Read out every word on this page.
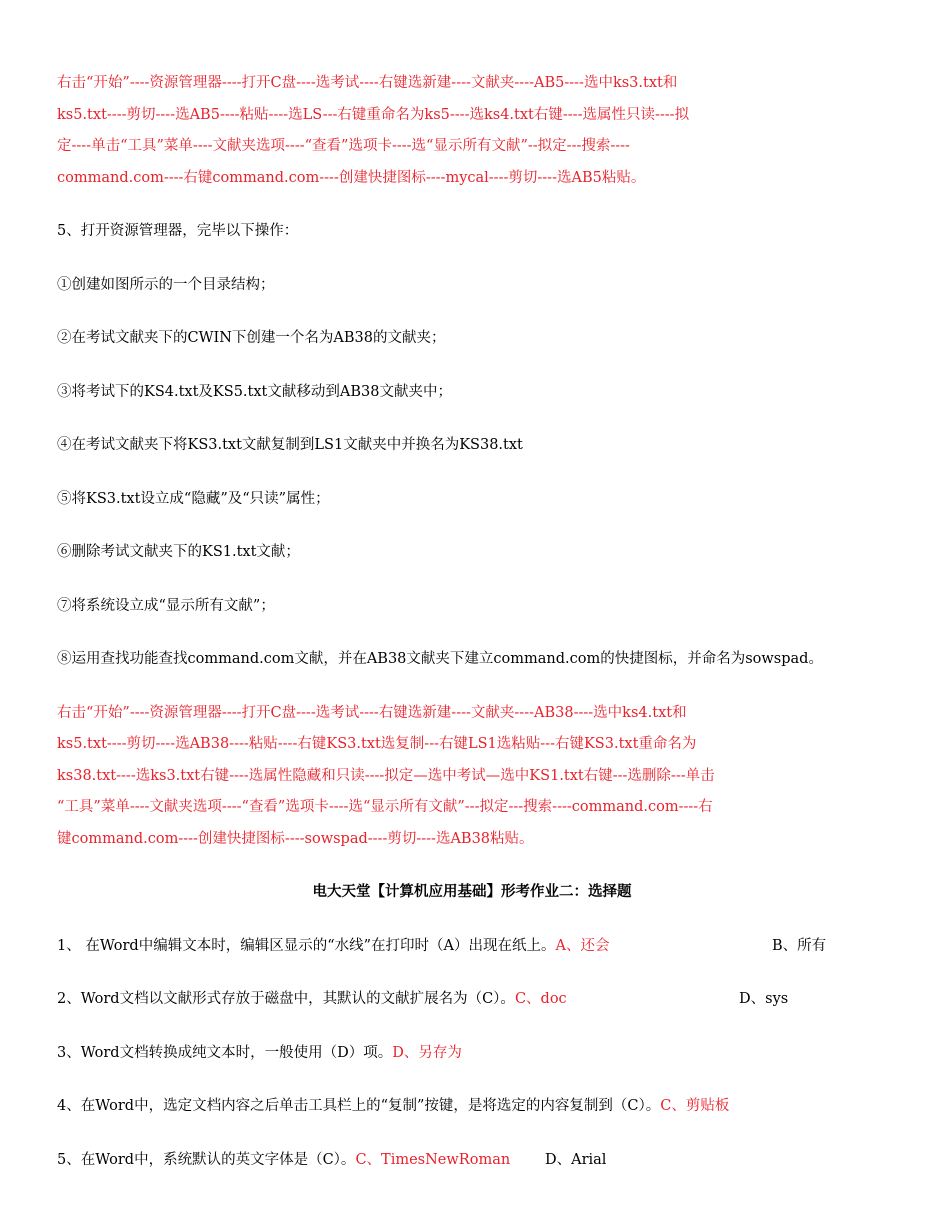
右击“开始”----资源管理器----打开C盘----选考试----右键选新建----文献夹----AB5----选中ks3.txt和
ks5.txt----剪切----选AB5----粘贴----选LS---右键重命名为ks5----选ks4.txt右键----选属性只读----拟
定----单击“工具”菜单----文献夹选项----“查看”选项卡----选“显示所有文献”--拟定---搜索----
command.com----右键command.com----创建快捷图标----mycal----剪切----选AB5粘贴。
5、打开资源管理器，完毕以下操作：
①创建如图所示的一个目录结构；
②在考试文献夹下的CWIN下创建一个名为AB38的文献夹；
③将考试下的KS4.txt及KS5.txt文献移动到AB38文献夹中；
④在考试文献夹下将KS3.txt文献复制到LS1文献夹中并换名为KS38.txt
⑤将KS3.txt设立成“隐藏”及“只读”属性；
⑥删除考试文献夹下的KS1.txt文献；
⑦将系统设立成“显示所有文献”；
⑧运用查找功能查找command.com文献，并在AB38文献夹下建立command.com的快捷图标，并命名为sowspad。
右击“开始”----资源管理器----打开C盘----选考试----右键选新建----文献夹----AB38----选中ks4.txt和
ks5.txt----剪切----选AB38----粘贴----右键KS3.txt选复制---右键LS1选粘贴---右键KS3.txt重命名为
ks38.txt----选ks3.txt右键----选属性隐藏和只读----拟定—选中考试—选中KS1.txt右键---选删除---单击
“工具”菜单----文献夹选项----“查看”选项卡----选“显示所有文献”---拟定---搜索----command.com----右
键command.com----创建快捷图标----sowspad----剪切----选AB38粘贴。
电大天堂【计算机应用基础】形考作业二：选择题
1、 在Word中编辑文本时，编辑区显示的“水线”在打印时（A）出现在纸上。A、还会	B、所有
2、Word文档以文献形式存放于磁盘中，其默认的文献扩展名为（C）。C、doc	D、sys
3、Word文档转换成纯文本时，一般使用（D）项。D、另存为
4、在Word中，选定文档内容之后单击工具栏上的“复制”按键，是将选定的内容复制到（C）。C、剪贴板
5、在Word中，系统默认的英文字体是（C）。C、TimesNewRoman D、Arial
